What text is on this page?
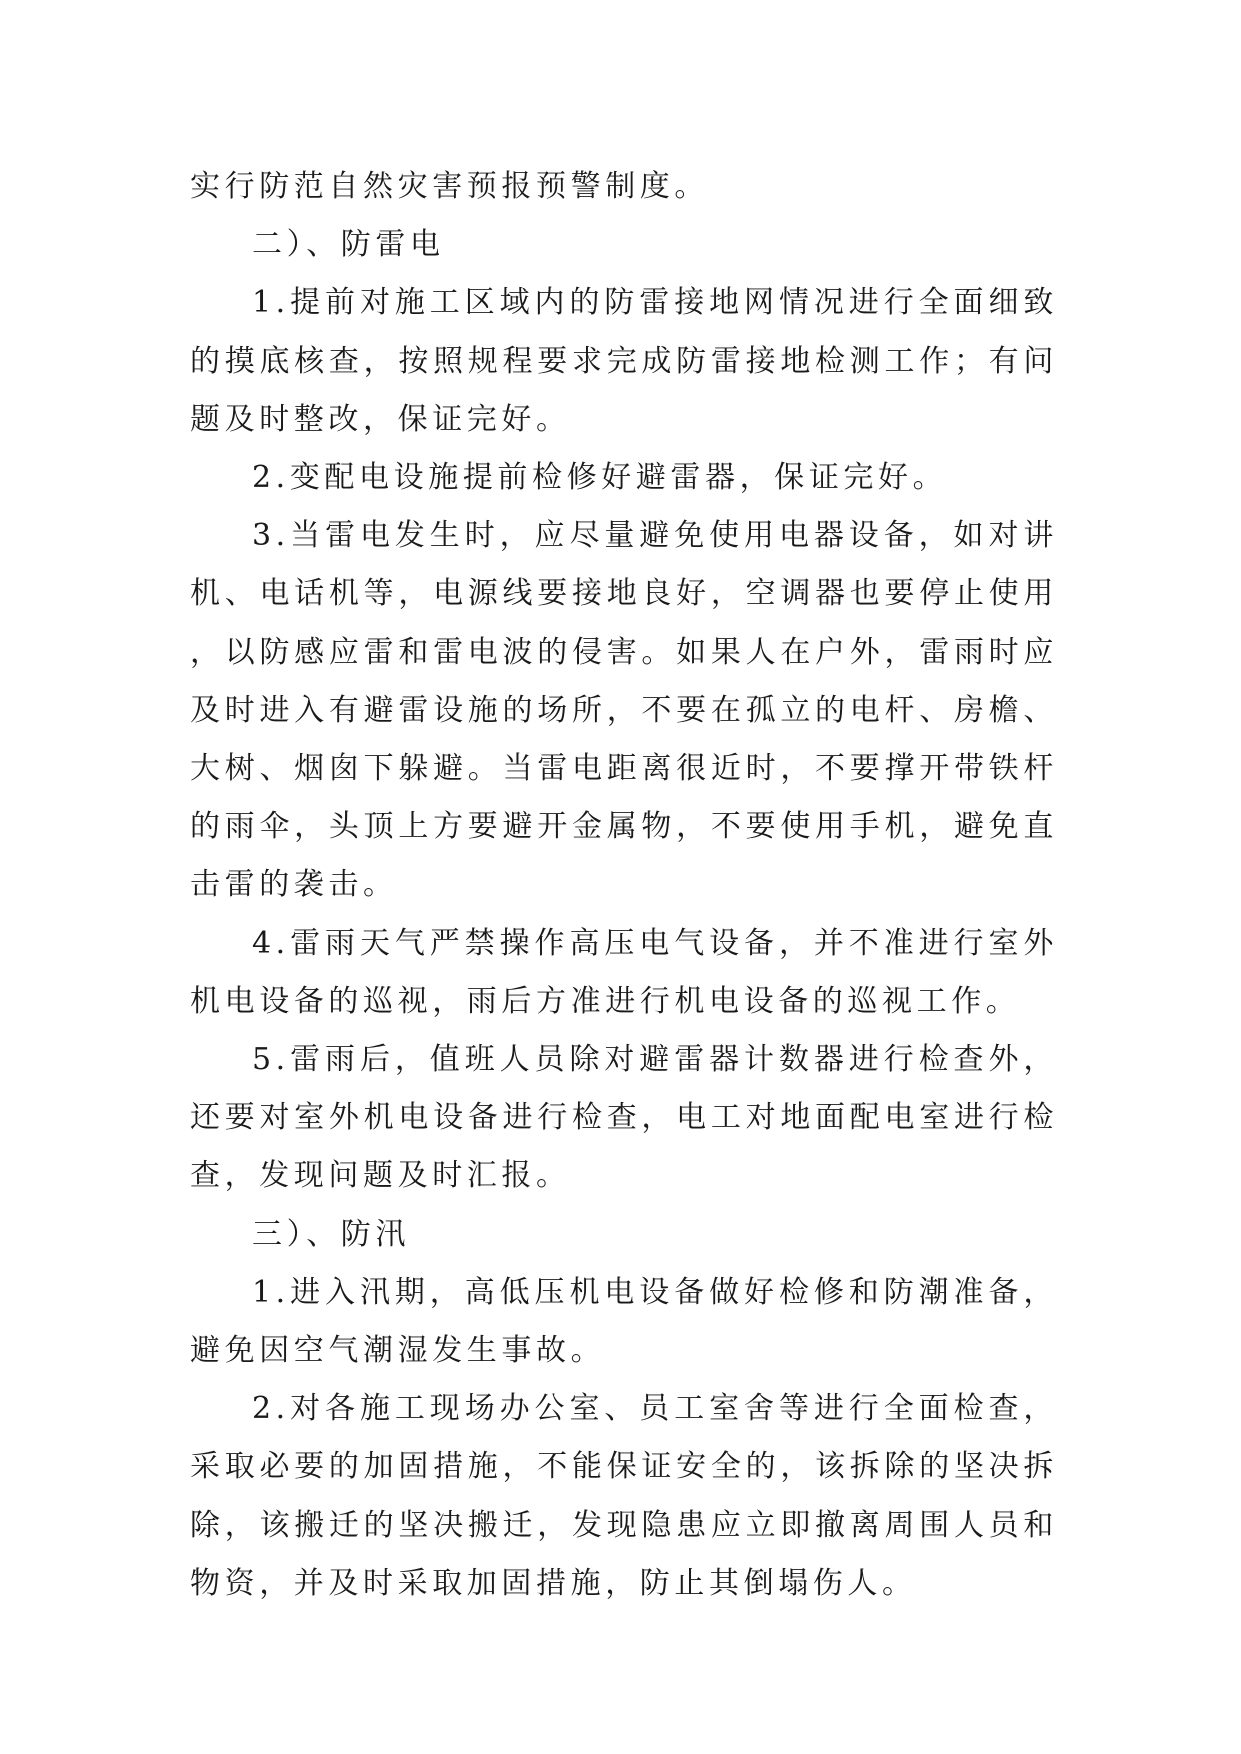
实行防范自然灾害预报预警制度。

二）、防雷电

1.提前对施工区域内的防雷接地网情况进行全面细致的摸底核查，按照规程要求完成防雷接地检测工作；有问题及时整改，保证完好。

2.变配电设施提前检修好避雷器，保证完好。

3.当雷电发生时，应尽量避免使用电器设备，如对讲机、电话机等，电源线要接地良好，空调器也要停止使用，以防感应雷和雷电波的侵害。如果人在户外，雷雨时应及时进入有避雷设施的场所，不要在孤立的电杆、房檐、大树、烟囱下躲避。当雷电距离很近时，不要撑开带铁杆的雨伞，头顶上方要避开金属物，不要使用手机，避免直击雷的袭击。

4.雷雨天气严禁操作高压电气设备，并不准进行室外机电设备的巡视，雨后方准进行机电设备的巡视工作。

5.雷雨后，值班人员除对避雷器计数器进行检查外，还要对室外机电设备进行检查，电工对地面配电室进行检查，发现问题及时汇报。

三）、防汛

1.进入汛期，高低压机电设备做好检修和防潮准备，避免因空气潮湿发生事故。

2.对各施工现场办公室、员工室舍等进行全面检查，采取必要的加固措施，不能保证安全的，该拆除的坚决拆除，该搬迁的坚决搬迁，发现隐患应立即撤离周围人员和物资，并及时采取加固措施，防止其倒塌伤人。
